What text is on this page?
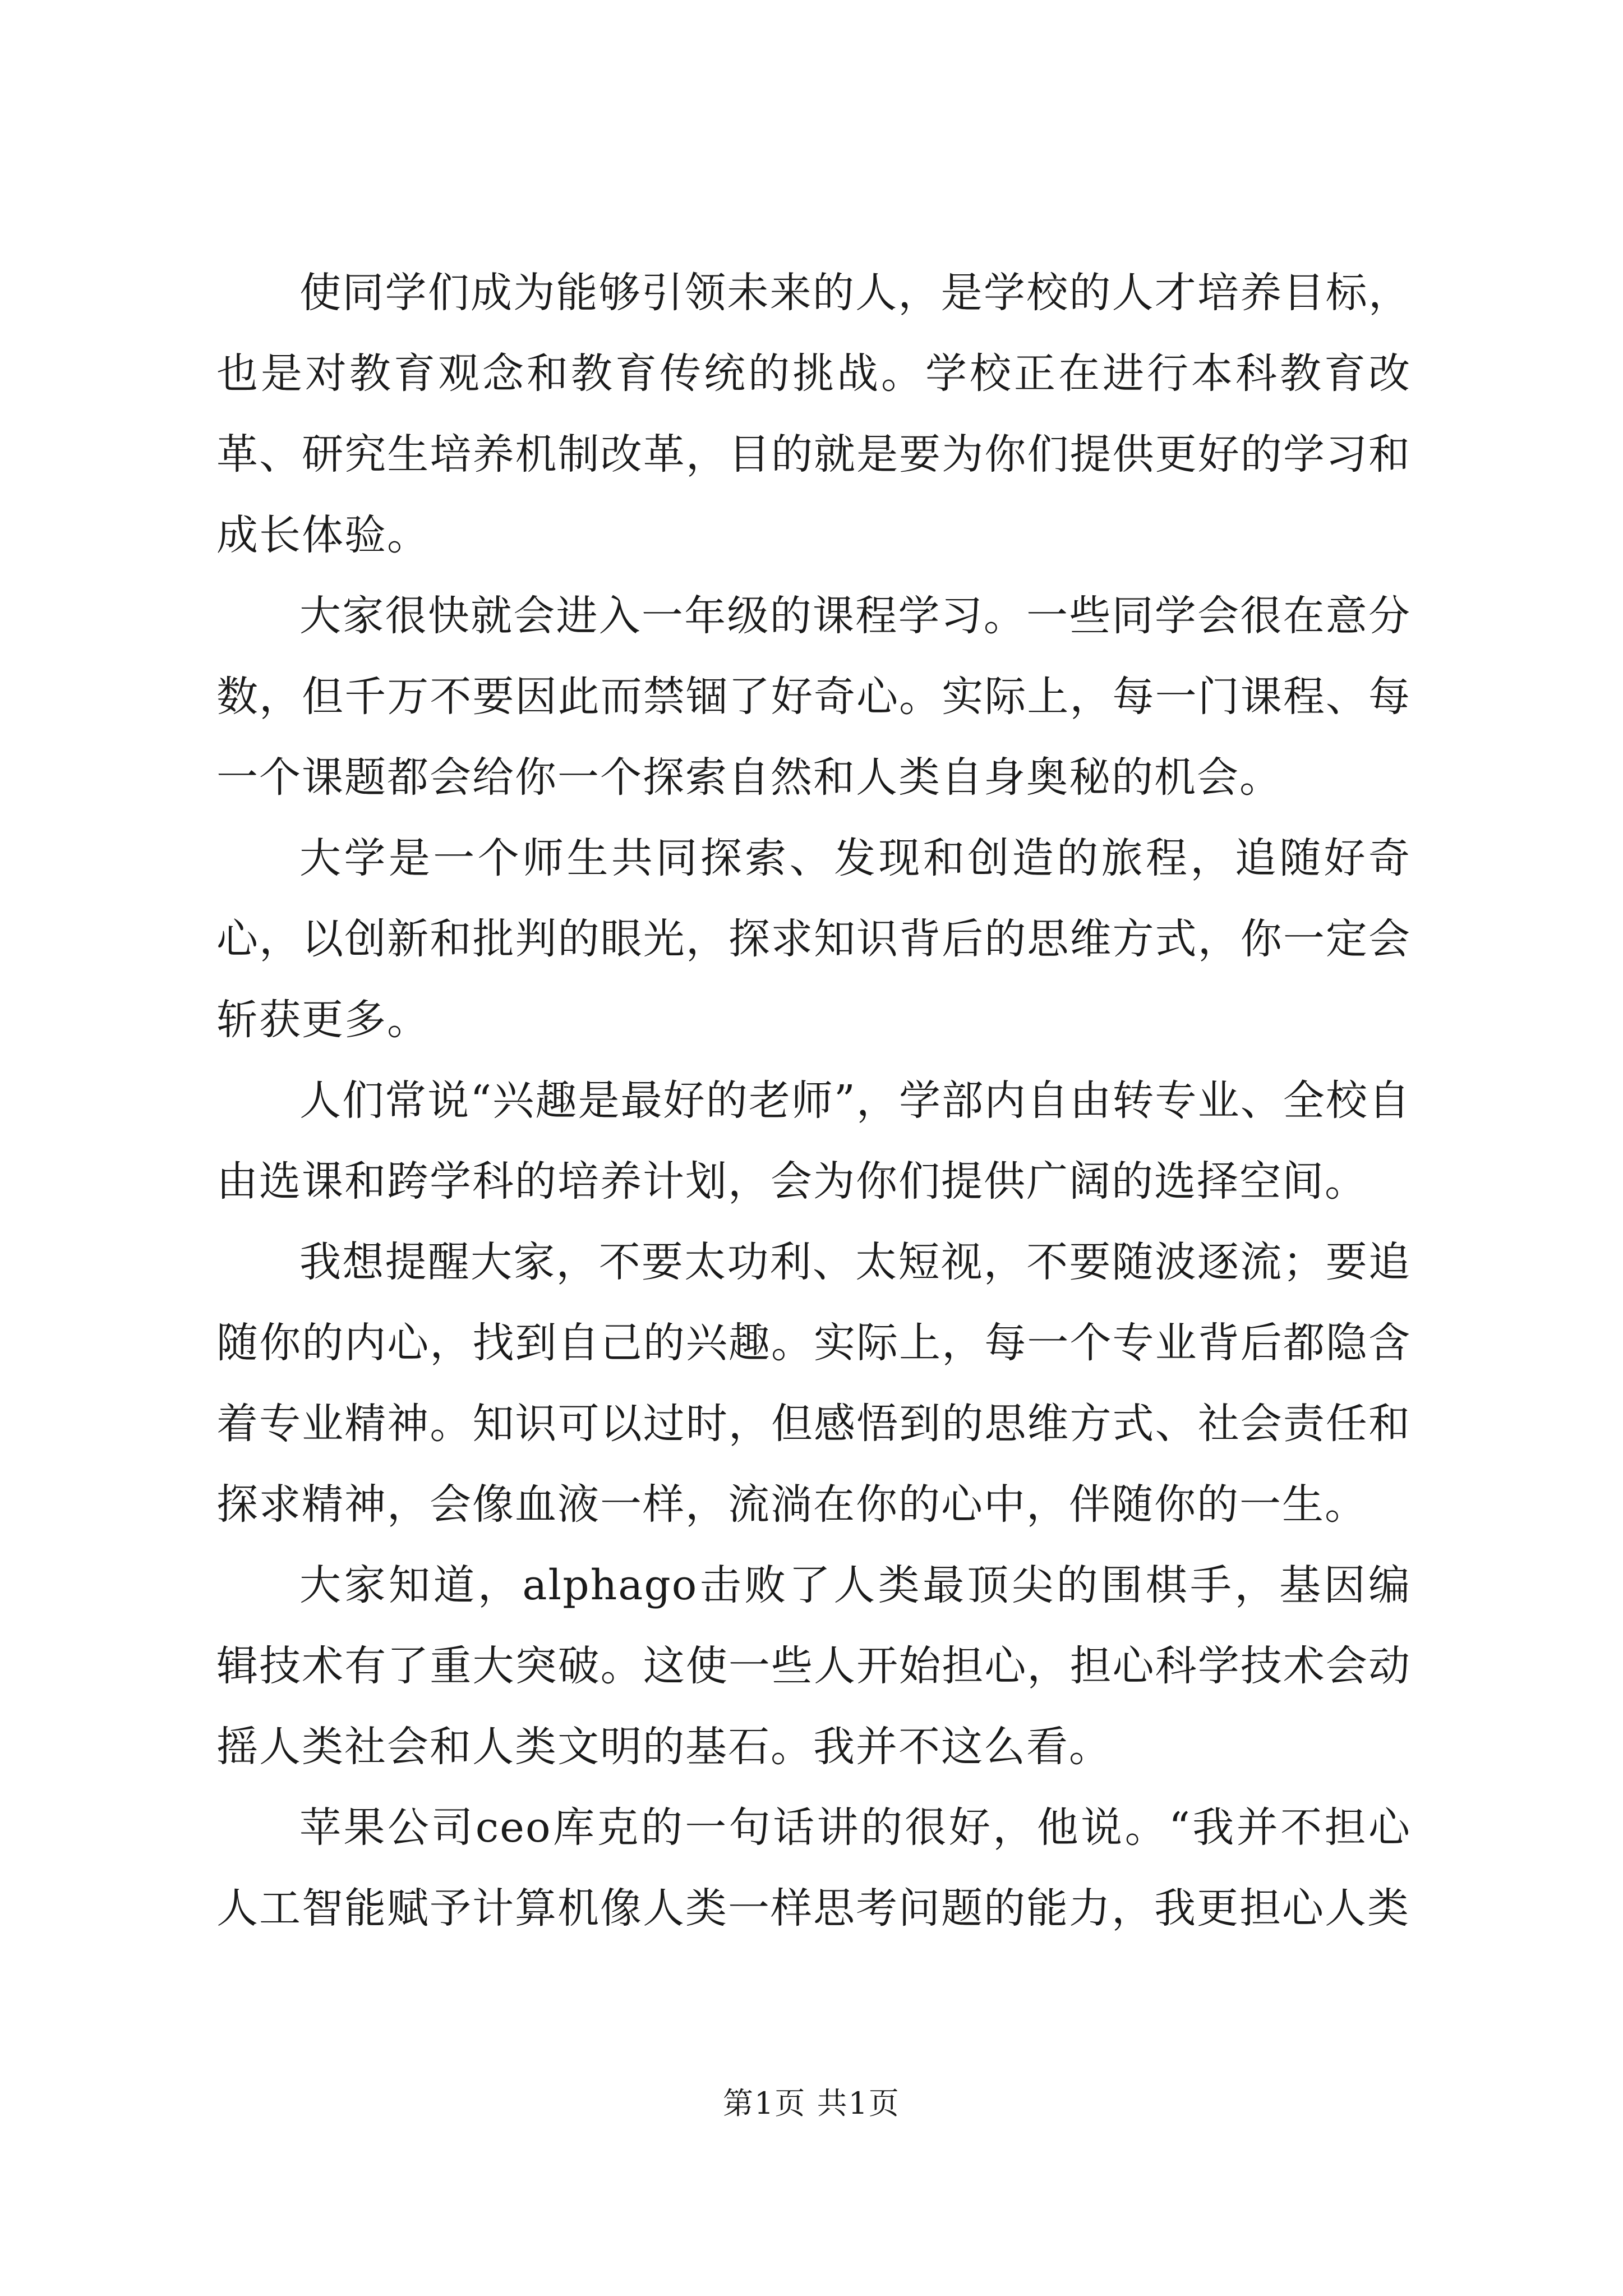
使同学们成为能够引领未来的人，是学校的人才培养目标，也是对教育观念和教育传统的挑战。学校正在进行本科教育改革、研究生培养机制改革，目的就是要为你们提供更好的学习和成长体验。

大家很快就会进入一年级的课程学习。一些同学会很在意分数，但千万不要因此而禁锢了好奇心。实际上，每一门课程、每一个课题都会给你一个探索自然和人类自身奥秘的机会。

大学是一个师生共同探索、发现和创造的旅程，追随好奇心，以创新和批判的眼光，探求知识背后的思维方式，你一定会斩获更多。

人们常说“兴趣是最好的老师”，学部内自由转专业、全校自由选课和跨学科的培养计划，会为你们提供广阔的选择空间。

我想提醒大家，不要太功利、太短视，不要随波逐流；要追随你的内心，找到自己的兴趣。实际上，每一个专业背后都隐含着专业精神。知识可以过时，但感悟到的思维方式、社会责任和探求精神，会像血液一样，流淌在你的心中，伴随你的一生。

大家知道，alphago击败了人类最顶尖的围棋手，基因编辑技术有了重大突破。这使一些人开始担心，担心科学技术会动摇人类社会和人类文明的基石。我并不这么看。

苹果公司ceo库克的一句话讲的很好，他说。“我并不担心人工智能赋予计算机像人类一样思考问题的能力，我更担心人类

第1页 共1页
